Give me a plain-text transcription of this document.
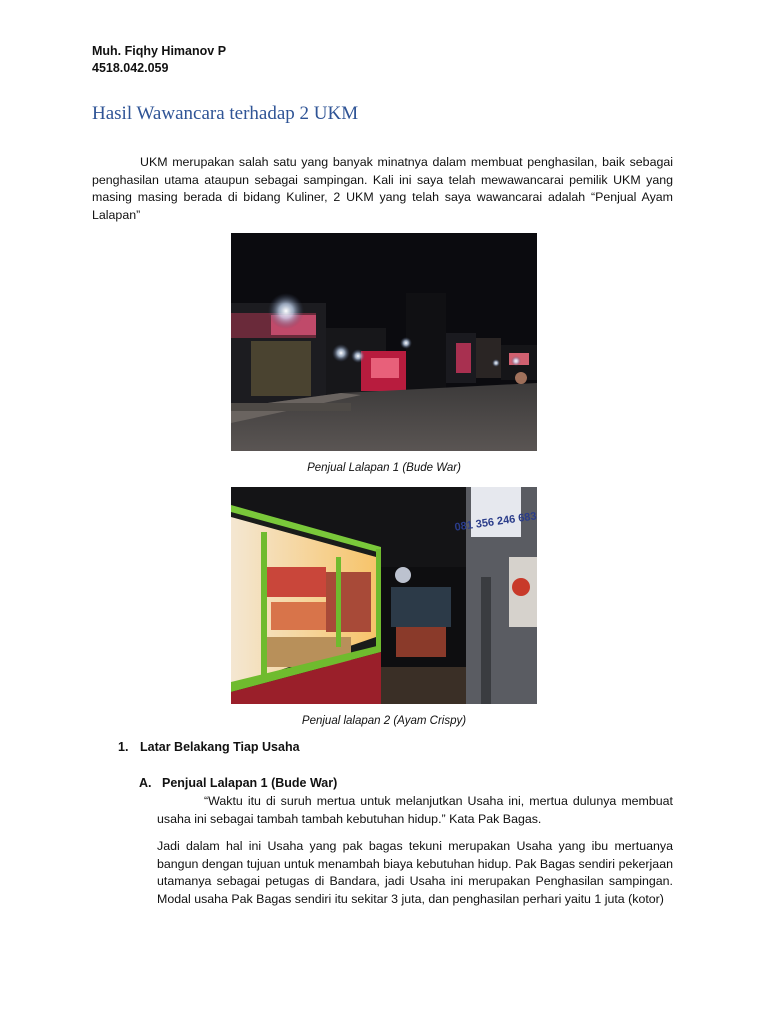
Muh. Fiqhy Himanov P
4518.042.059
Hasil Wawancara terhadap 2 UKM
UKM merupakan salah satu yang banyak minatnya dalam membuat penghasilan, baik sebagai penghasilan utama ataupun sebagai sampingan. Kali ini saya telah mewawancarai pemilik UKM yang masing masing berada di bidang Kuliner, 2 UKM yang telah saya wawancarai adalah “Penjual Ayam Lalapan”
Penjual Lalapan 1 (Bude War)
081 356 246 683
Penjual lalapan 2 (Ayam Crispy)
1. Latar Belakang Tiap Usaha
A. Penjual Lalapan 1 (Bude War)
“Waktu itu di suruh mertua untuk melanjutkan Usaha ini, mertua dulunya membuat usaha ini sebagai tambah tambah kebutuhan hidup.” Kata Pak Bagas.
Jadi dalam hal ini Usaha yang pak bagas tekuni merupakan Usaha yang ibu mertuanya bangun dengan tujuan untuk menambah biaya kebutuhan hidup. Pak Bagas sendiri pekerjaan utamanya sebagai petugas di Bandara, jadi Usaha ini merupakan Penghasilan sampingan. Modal usaha Pak Bagas sendiri itu sekitar 3 juta, dan penghasilan perhari yaitu 1 juta (kotor)
